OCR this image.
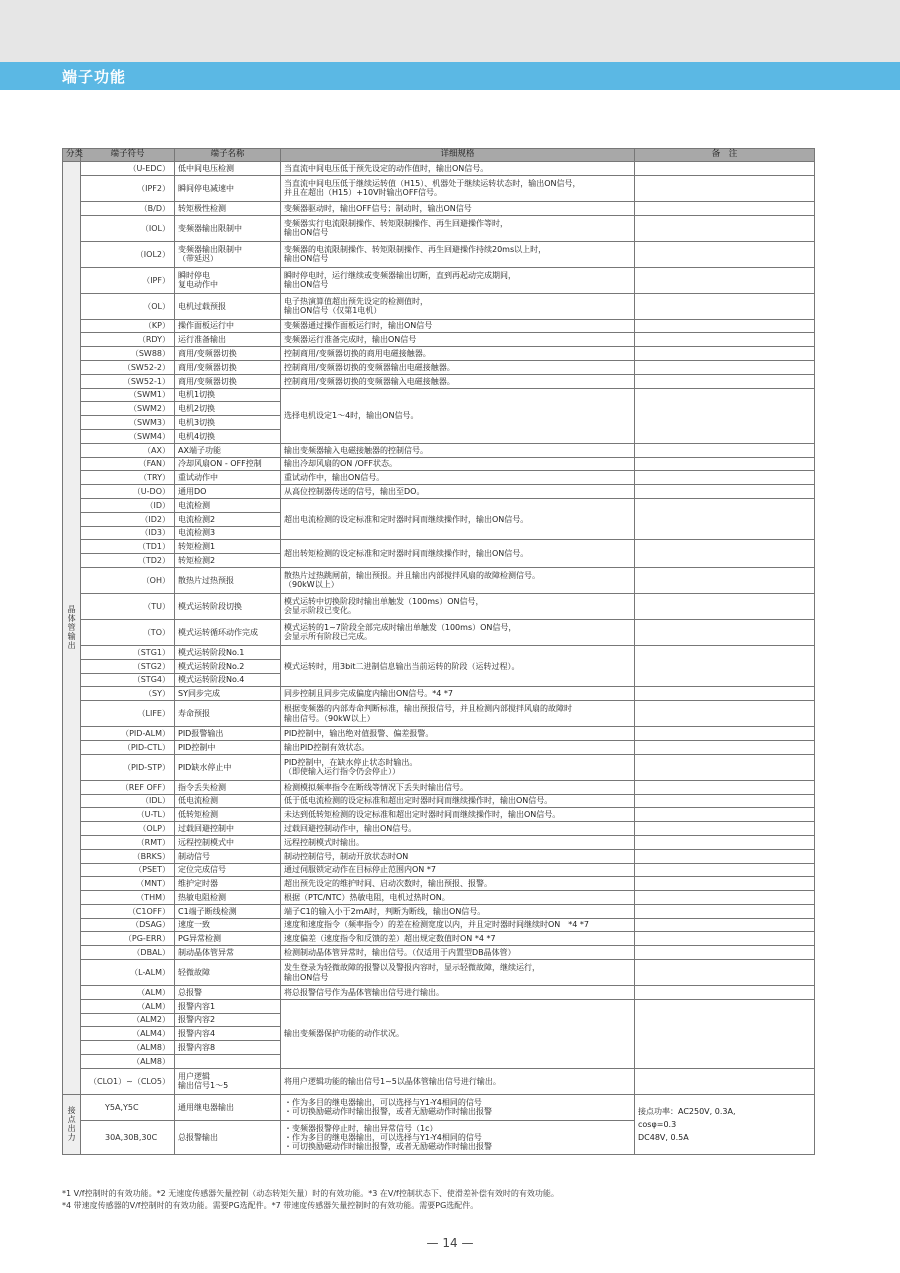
端子功能
分类	端子符号	端子名称	详细规格	备　注
晶体管输出	（U-EDC）	低中间电压检测	当直流中间电压低于预先设定的动作值时，输出ON信号。	
	（IPF2）	瞬间停电减速中	当直流中间电压低于继续运转值（H15）、机器处于继续运转状态时，输出ON信号，
并且在超出（H15）+10V时输出OFF信号。	
	（B/D）	转矩极性检测	变频器驱动时，输出OFF信号；制动时，输出ON信号	
	（IOL）	变频器输出限制中	变频器实行电流限制操作、转矩限制操作、再生回避操作等时，
输出ON信号	
	（IOL2）	变频器输出限制中
（带延迟）	变频器的电流限制操作、转矩限制操作、再生回避操作持续20ms以上时，
输出ON信号	
	（IPF）	瞬时停电
复电动作中	瞬时停电时，运行继续或变频器输出切断，直到再起动完成期间，
输出ON信号	
	（OL）	电机过载预报	电子热演算值超出预先设定的检测值时，
输出ON信号（仅第1电机）	
	（KP）	操作面板运行中	变频器通过操作面板运行时，输出ON信号	
	（RDY）	运行准备输出	变频器运行准备完成时，输出ON信号	
	（SW88）	商用/变频器切换	控制商用/变频器切换的商用电磁接触器。	
	（SW52-2）	商用/变频器切换	控制商用/变频器切换的变频器输出电磁接触器。	
	（SW52-1）	商用/变频器切换	控制商用/变频器切换的变频器输入电磁接触器。	
	（SWM1）	电机1切换	选择电机设定1～4时，输出ON信号。	
	（SWM2）	电机2切换		
	（SWM3）	电机3切换		
	（SWM4）	电机4切换		
	（AX）	AX端子功能	输出变频器输入电磁接触器的控制信号。	
	（FAN）	冷却风扇ON - OFF控制	输出冷却风扇的ON /OFF状态。	
	（TRY）	重试动作中	重试动作中，输出ON信号。	
	（U-DO）	通用DO	从高位控制器传送的信号，输出至DO。	
	（ID）	电流检测	超出电流检测的设定标准和定时器时间而继续操作时，输出ON信号。	
	（ID2）	电流检测2		
	（ID3）	电流检测3		
	（TD1）	转矩检测1	超出转矩检测的设定标准和定时器时间而继续操作时，输出ON信号。	
	（TD2）	转矩检测2		
	（OH）	散热片过热预报	散热片过热跳闸前，输出预报。并且输出内部搅拌风扇的故障检测信号。
（90kW以上）	
	（TU）	模式运转阶段切换	模式运转中切换阶段时输出单触发（100ms）ON信号，
会显示阶段已变化。	
	（TO）	模式运转循环动作完成	模式运转的1~7阶段全部完成时输出单触发（100ms）ON信号，
会显示所有阶段已完成。	
	（STG1）	模式运转阶段No.1	模式运转时，用3bit二进制信息输出当前运转的阶段（运转过程）。	
	（STG2）	模式运转阶段No.2		
	（STG4）	模式运转阶段No.4		
	（SY）	SY同步完成	同步控制且同步完成偏度内输出ON信号。*4 *7	
	（LIFE）	寿命预报	根据变频器的内部寿命判断标准，输出预报信号，并且检测内部搅拌风扇的故障时
输出信号。（90kW以上）	
	（PID-ALM）	PID报警输出	PID控制中，输出绝对值报警、偏差报警。	
	（PID-CTL）	PID控制中	输出PID控制有效状态。	
	（PID-STP）	PID缺水停止中	PID控制中，在缺水停止状态时输出。
（即使输入运行指令仍会停止））	
	（REF OFF）	指令丢失检测	检测模拟频率指令在断线等情况下丢失时输出信号。	
	（IDL）	低电流检测	低于低电流检测的设定标准和超出定时器时间而继续操作时，输出ON信号。	
	（U-TL）	低转矩检测	未达到低转矩检测的设定标准和超出定时器时间而继续操作时，输出ON信号。	
	（OLP）	过载回避控制中	过载回避控制动作中，输出ON信号。	
	（RMT）	远程控制模式中	远程控制模式时输出。	
	（BRKS）	制动信号	制动控制信号，制动开放状态时ON	
	（PSET）	定位完成信号	通过伺服锁定动作在目标停止范围内ON *7	
	（MNT）	维护定时器	超出预先设定的维护时间、启动次数时，输出预报、报警。	
	（THM）	热敏电阻检测	根据（PTC/NTC）热敏电阻，电机过热时ON。	
	（C1OFF）	C1端子断线检测	端子C1的输入小于2mA时，判断为断线，输出ON信号。	
	（DSAG）	速度一致	速度和速度指令（频率指令）的差在检测宽度以内，并且定时器时间继续时ON　*4 *7	
	（PG-ERR）	PG异常检测	速度偏差（速度指令和反馈的差）超出规定数值时ON *4 *7	
	（DBAL）	制动晶体管异常	检测制动晶体管异常时，输出信号。（仅适用于内置型DB晶体管）	
	（L-ALM）	轻微故障	发生登录为轻微故障的报警以及警报内容时，显示轻微故障，继续运行，
输出ON信号	
	（ALM）	总报警	将总报警信号作为晶体管输出信号进行输出。	
	（ALM）	报警内容1	输出变频器保护功能的动作状况。	
	（ALM2）	报警内容2		
	（ALM4）	报警内容4		
	（ALM8）	报警内容8		
	（ALM8）			
	（CLO1）~（CLO5）	用户逻辑
输出信号1～5	将用户逻辑功能的输出信号1~5以晶体管输出信号进行输出。	
接点出力	Y5A,Y5C	通用继电器输出	・作为多目的继电器输出，可以选择与Y1-Y4相同的信号
・可切换励磁动作时输出报警，或者无励磁动作时输出报警	接点功率：AC250V, 0.3A,
cosφ=0.3
DC48V, 0.5A
	30A,30B,30C	总报警输出	・变频器报警停止时，输出异常信号（1c）
・作为多目的继电器输出，可以选择与Y1-Y4相同的信号
・可切换励磁动作时输出报警，或者无励磁动作时输出报警	
*1 V/f控制时的有效功能。*2 无速度传感器矢量控制（动态转矩矢量）时的有效功能。*3 在V/f控制状态下、使滑差补偿有效时的有效功能。
*4 带速度传感器的V/f控制时的有效功能。需要PG选配件。*7 带速度传感器矢量控制时的有效功能。需要PG选配件。
— 14 —
